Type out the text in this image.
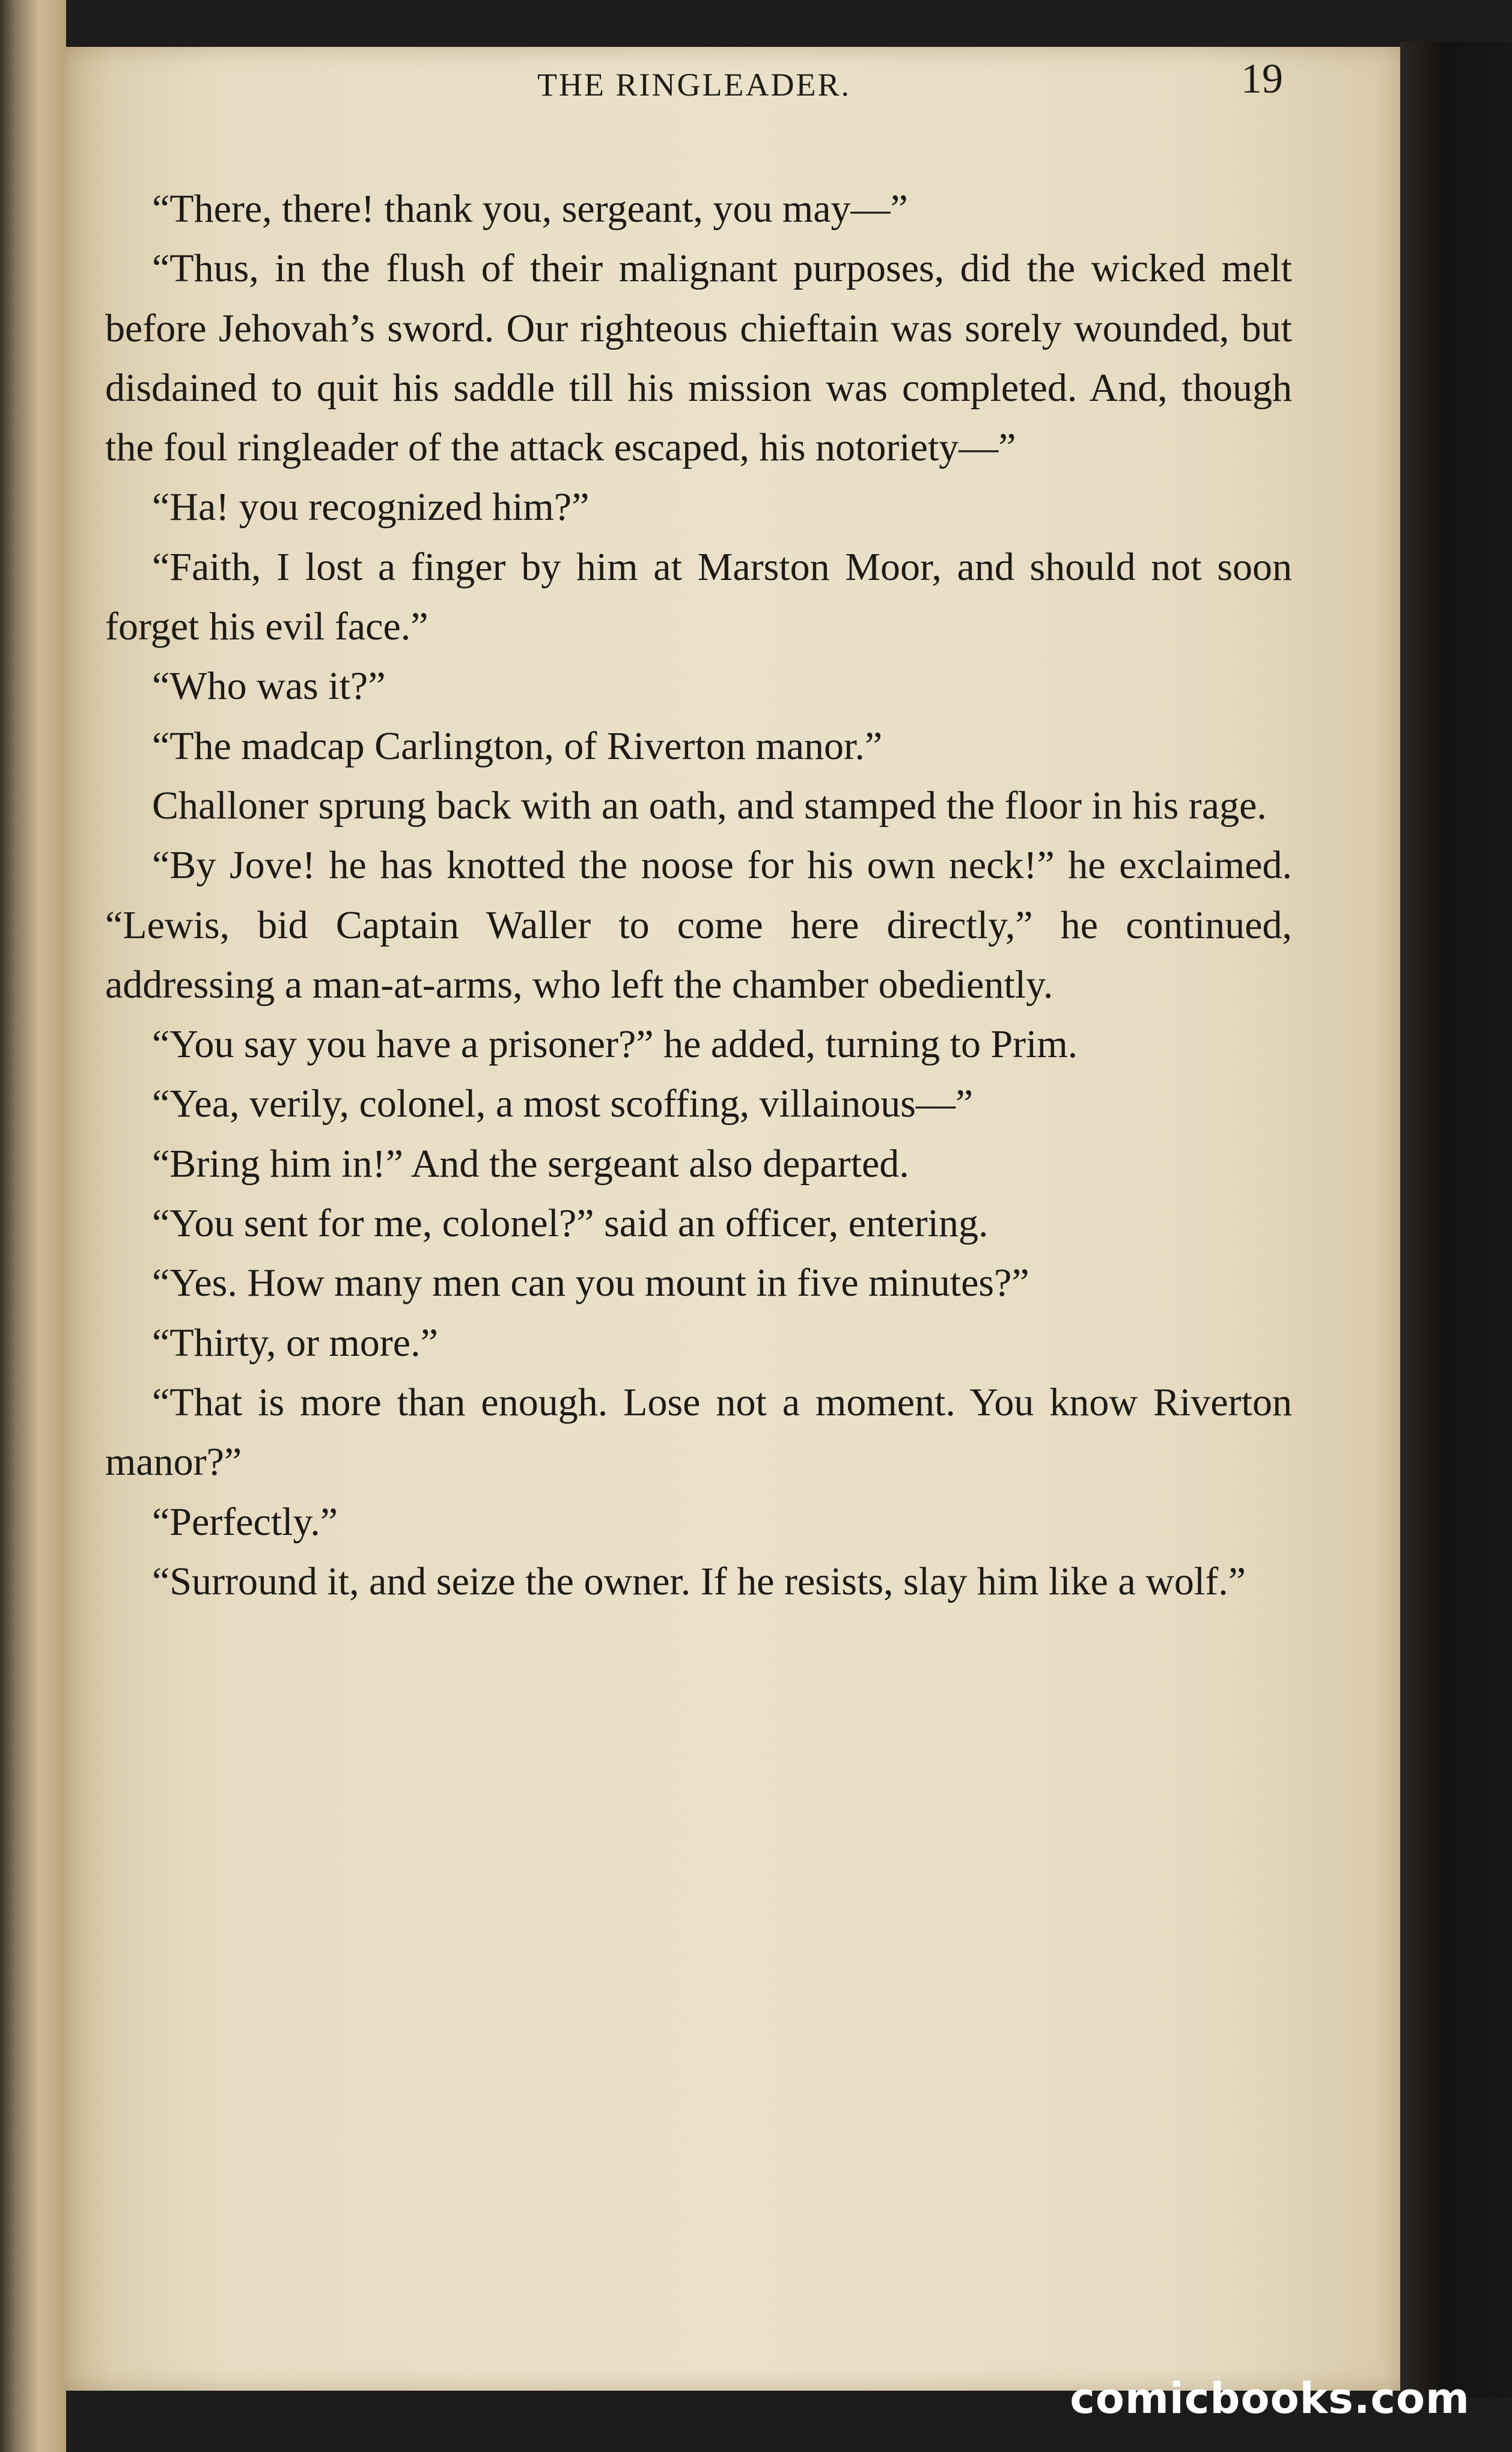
THE RINGLEADER.	19

“There, there! thank you, sergeant, you may—”

“Thus, in the flush of their malignant purposes, did the wicked melt before Jehovah’s sword. Our righteous chieftain was sorely wounded, but disdained to quit his saddle till his mission was completed. And, though the foul ringleader of the attack escaped, his notoriety—”

“Ha! you recognized him?”

“Faith, I lost a finger by him at Marston Moor, and should not soon forget his evil face.”

“Who was it?”

“The madcap Carlington, of Riverton manor.”

Challoner sprung back with an oath, and stamped the floor in his rage.

“By Jove! he has knotted the noose for his own neck!” he exclaimed. “Lewis, bid Captain Waller to come here directly,” he continued, addressing a man-at-arms, who left the chamber obediently.

“You say you have a prisoner?” he added, turning to Prim.

“Yea, verily, colonel, a most scoffing, villainous—”

“Bring him in!” And the sergeant also departed.

“You sent for me, colonel?” said an officer, entering.

“Yes. How many men can you mount in five minutes?”

“Thirty, or more.”

“That is more than enough. Lose not a moment. You know Riverton manor?”

“Perfectly.”

“Surround it, and seize the owner. If he resists, slay him like a wolf.”

comicbooks.com
